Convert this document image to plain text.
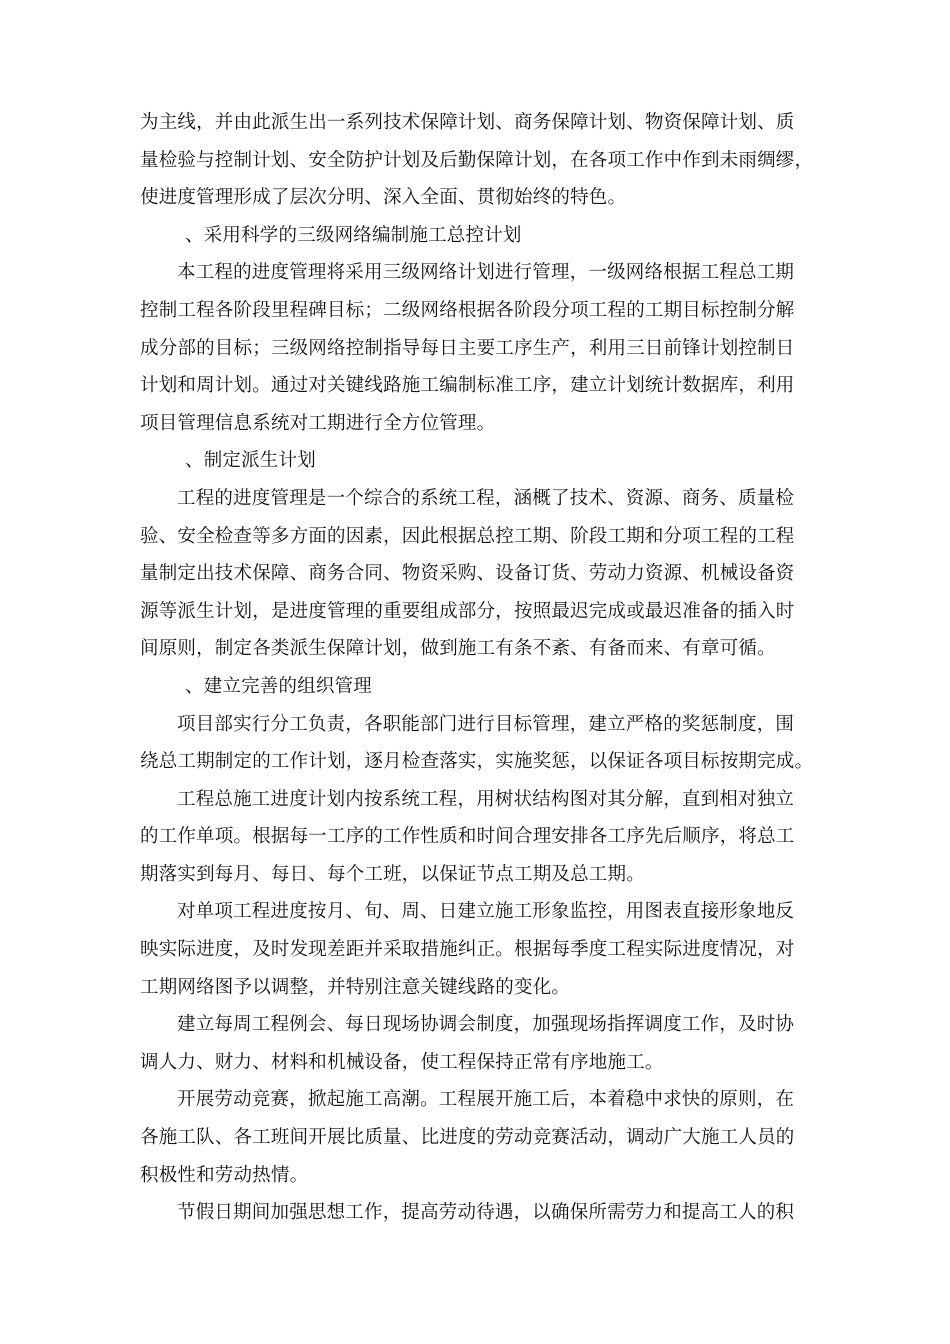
为主线，并由此派生出一系列技术保障计划、商务保障计划、物资保障计划、质
量检验与控制计划、安全防护计划及后勤保障计划，在各项工作中作到未雨绸缪，
使进度管理形成了层次分明、深入全面、贯彻始终的特色。
、采用科学的三级网络编制施工总控计划
本工程的进度管理将采用三级网络计划进行管理，一级网络根据工程总工期
控制工程各阶段里程碑目标；二级网络根据各阶段分项工程的工期目标控制分解
成分部的目标；三级网络控制指导每日主要工序生产，利用三日前锋计划控制日
计划和周计划。通过对关键线路施工编制标准工序，建立计划统计数据库，利用
项目管理信息系统对工期进行全方位管理。
、制定派生计划
工程的进度管理是一个综合的系统工程，涵概了技术、资源、商务、质量检
验、安全检查等多方面的因素，因此根据总控工期、阶段工期和分项工程的工程
量制定出技术保障、商务合同、物资采购、设备订货、劳动力资源、机械设备资
源等派生计划，是进度管理的重要组成部分，按照最迟完成或最迟准备的插入时
间原则，制定各类派生保障计划，做到施工有条不紊、有备而来、有章可循。
、建立完善的组织管理
项目部实行分工负责，各职能部门进行目标管理，建立严格的奖惩制度，围
绕总工期制定的工作计划，逐月检查落实，实施奖惩，以保证各项目标按期完成。
工程总施工进度计划内按系统工程，用树状结构图对其分解，直到相对独立
的工作单项。根据每一工序的工作性质和时间合理安排各工序先后顺序，将总工
期落实到每月、每日、每个工班，以保证节点工期及总工期。
对单项工程进度按月、旬、周、日建立施工形象监控，用图表直接形象地反
映实际进度，及时发现差距并采取措施纠正。根据每季度工程实际进度情况，对
工期网络图予以调整，并特别注意关键线路的变化。
建立每周工程例会、每日现场协调会制度，加强现场指挥调度工作，及时协
调人力、财力、材料和机械设备，使工程保持正常有序地施工。
开展劳动竞赛，掀起施工高潮。工程展开施工后，本着稳中求快的原则，在
各施工队、各工班间开展比质量、比进度的劳动竞赛活动，调动广大施工人员的
积极性和劳动热情。
节假日期间加强思想工作，提高劳动待遇，以确保所需劳力和提高工人的积
